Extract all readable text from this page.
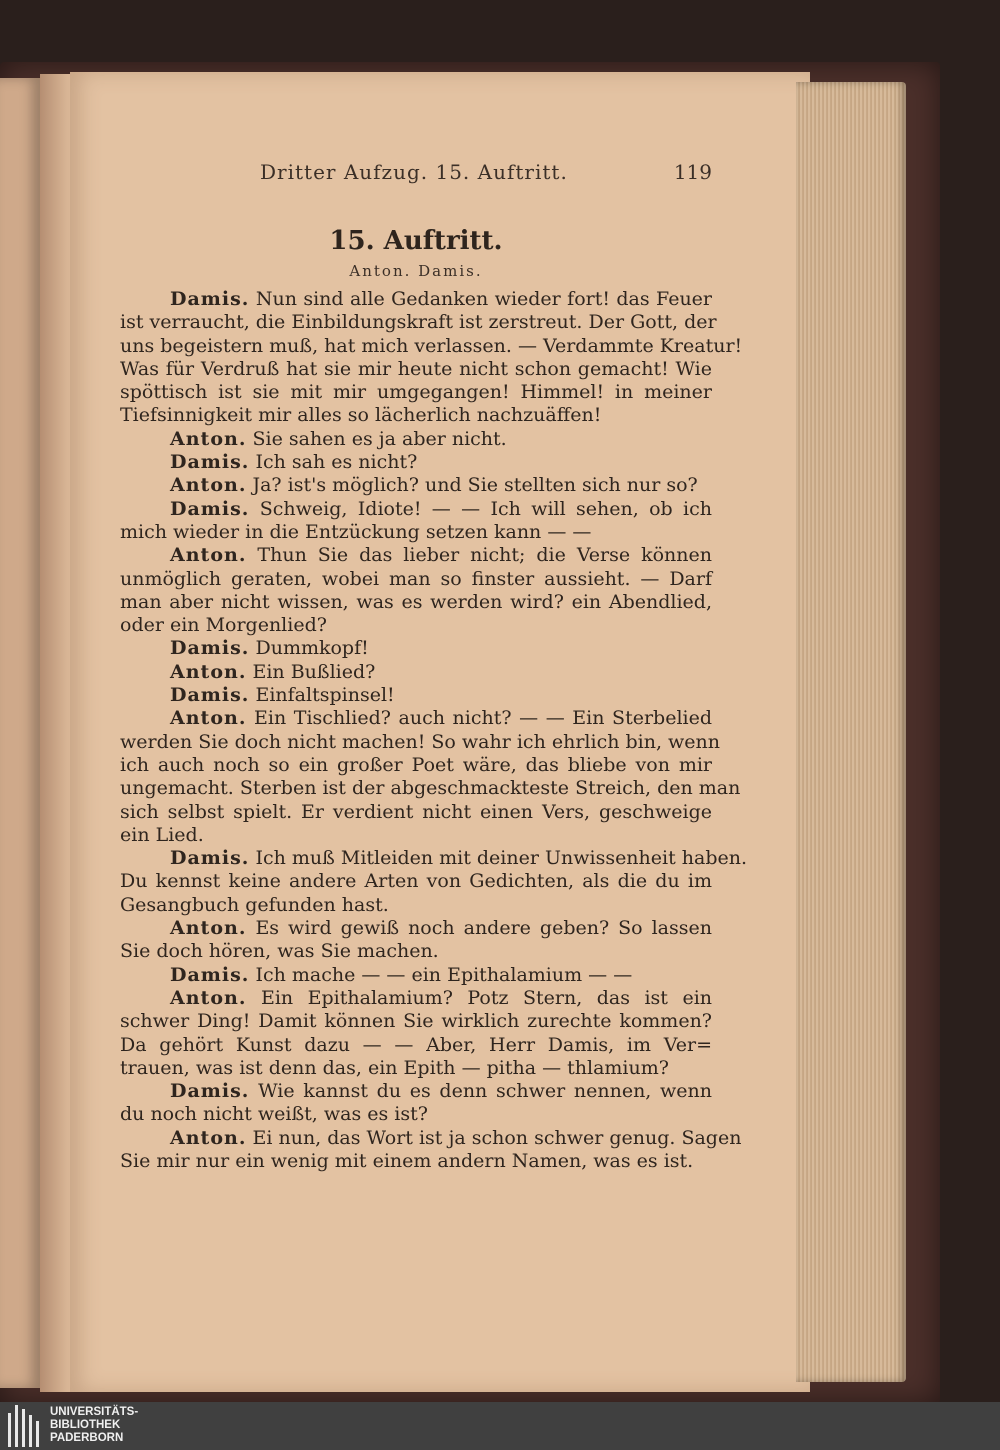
Dritter Aufzug. 15. Auftritt.	119
15. Auftritt.
Anton. Damis.
Damis. Nun sind alle Gedanken wieder fort! das Feuer
ist verraucht, die Einbildungskraft ist zerstreut. Der Gott, der
uns begeistern muß, hat mich verlassen. — Verdammte Kreatur!
Was für Verdruß hat sie mir heute nicht schon gemacht! Wie
spöttisch ist sie mit mir umgegangen! Himmel! in meiner
Tiefsinnigkeit mir alles so lächerlich nachzuäffen!
Anton. Sie sahen es ja aber nicht.
Damis. Ich sah es nicht?
Anton. Ja? ist's möglich? und Sie stellten sich nur so?
Damis. Schweig, Idiote! — — Ich will sehen, ob ich
mich wieder in die Entzückung setzen kann — —
Anton. Thun Sie das lieber nicht; die Verse können
unmöglich geraten, wobei man so finster aussieht. — Darf
man aber nicht wissen, was es werden wird? ein Abendlied,
oder ein Morgenlied?
Damis. Dummkopf!
Anton. Ein Bußlied?
Damis. Einfaltspinsel!
Anton. Ein Tischlied? auch nicht? — — Ein Sterbelied
werden Sie doch nicht machen! So wahr ich ehrlich bin, wenn
ich auch noch so ein großer Poet wäre, das bliebe von mir
ungemacht. Sterben ist der abgeschmackteste Streich, den man
sich selbst spielt. Er verdient nicht einen Vers, geschweige
ein Lied.
Damis. Ich muß Mitleiden mit deiner Unwissenheit haben.
Du kennst keine andere Arten von Gedichten, als die du im
Gesangbuch gefunden hast.
Anton. Es wird gewiß noch andere geben? So lassen
Sie doch hören, was Sie machen.
Damis. Ich mache — — ein Epithalamium — —
Anton. Ein Epithalamium? Potz Stern, das ist ein
schwer Ding! Damit können Sie wirklich zurechte kommen?
Da gehört Kunst dazu — — Aber, Herr Damis, im Ver=
trauen, was ist denn das, ein Epith — pitha — thlamium?
Damis. Wie kannst du es denn schwer nennen, wenn
du noch nicht weißt, was es ist?
Anton. Ei nun, das Wort ist ja schon schwer genug. Sagen
Sie mir nur ein wenig mit einem andern Namen, was es ist.
UNIVERSITÄTS-
BIBLIOTHEK
PADERBORN
